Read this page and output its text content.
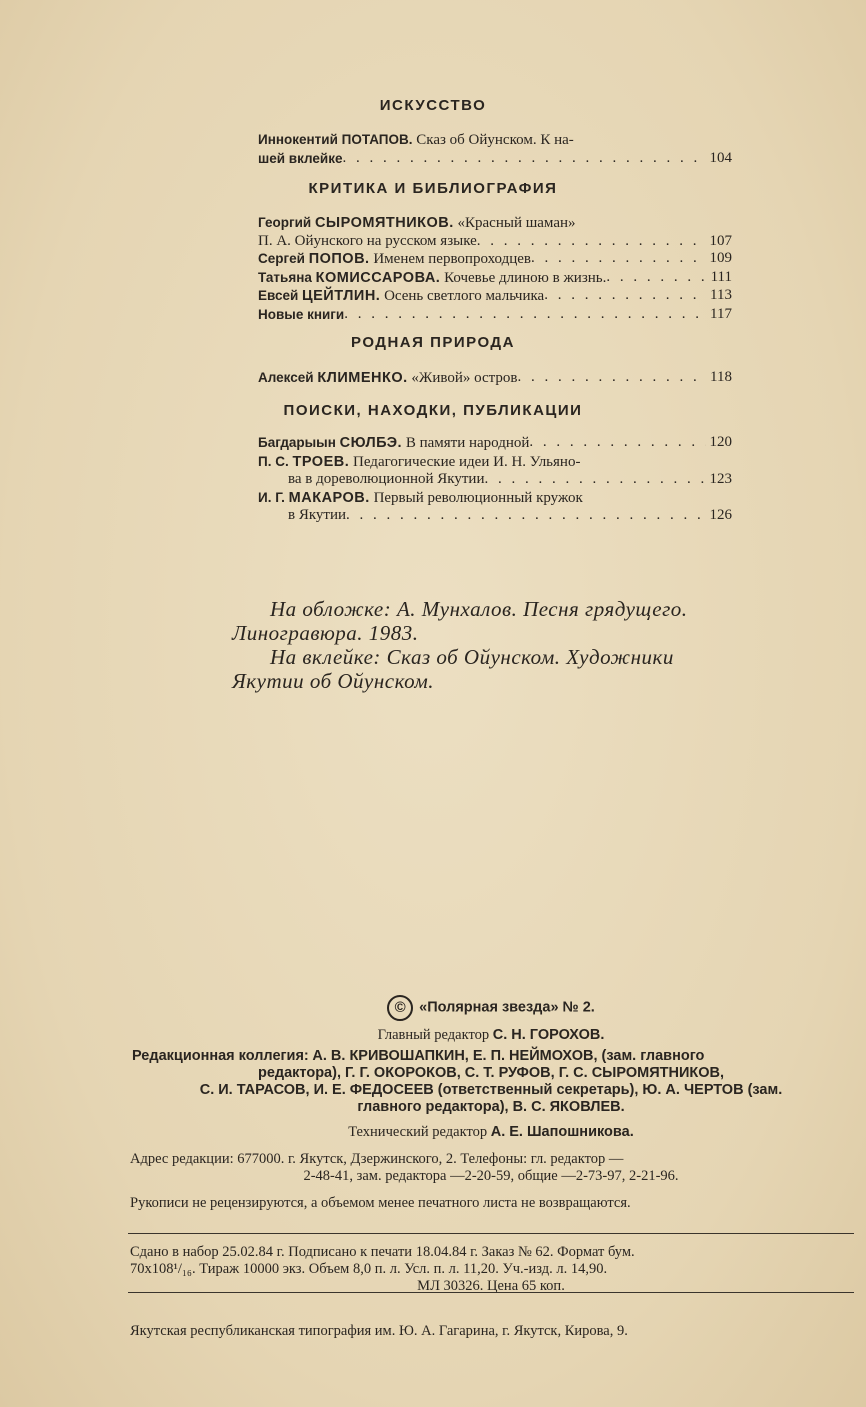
ИСКУССТВО
Иннокентий ПОТАПОВ. Сказ об Ойунском. К на-
шей вклейке . . .	104
КРИТИКА И БИБЛИОГРАФИЯ
Георгий СЫРОМЯТНИКОВ. «Красный шаман»
П. А. Ойунского на русском языке . . .	107
Сергей ПОПОВ. Именем первопроходцев . . .	109
Татьяна КОМИССАРОВА. Кочевье длиною в жизнь. . . .	111
Евсей ЦЕЙТЛИН. Осень светлого мальчика . . .	113
Новые книги . . .	117
РОДНАЯ ПРИРОДА
Алексей КЛИМЕНКО. «Живой» остров . . .	118
ПОИСКИ, НАХОДКИ, ПУБЛИКАЦИИ
Багдарыын СЮЛБЭ. В памяти народной . . .	120
П. С. ТРОЕВ. Педагогические идеи И. Н. Ульяно-
ва в дореволюционной Якутии . . .	123
И. Г. МАКАРОВ. Первый революционный кружок
в Якутии . . .	126

На обложке: А. Мунхалов. Песня грядущего.

Линогравюра. 1983.

На вклейке: Сказ об Ойунском. Художники

Якутии об Ойунском.

© «Полярная звезда» № 2.
Главный редактор С. Н. ГОРОХОВ.
Редакционная коллегия: А. В. КРИВОШАПКИН, Е. П. НЕЙМОХОВ, (зам. главного
редактора), Г. Г. ОКОРОКОВ, С. Т. РУФОВ, Г. С. СЫРОМЯТНИКОВ,
С. И. ТАРАСОВ, И. Е. ФЕДОСЕЕВ (ответственный секретарь), Ю. А. ЧЕРТОВ (зам.
главного редактора), В. С. ЯКОВЛЕВ.
Технический редактор А. Е. Шапошникова.
Адрес редакции: 677000. г. Якутск, Дзержинского, 2. Телефоны: гл. редактор —
2-48-41, зам. редактора —2-20-59, общие —2-73-97, 2-21-96.
Рукописи не рецензируются, а объемом менее печатного листа не возвращаются.
Сдано в набор 25.02.84 г. Подписано к печати 18.04.84 г. Заказ № 62. Формат бум.
70х108¹/₁₆. Тираж 10000 экз. Объем 8,0 п. л. Усл. п. л. 11,20. Уч.-изд. л. 14,90.
МЛ 30326. Цена 65 коп.
Якутская республиканская типография им. Ю. А. Гагарина, г. Якутск, Кирова, 9.
